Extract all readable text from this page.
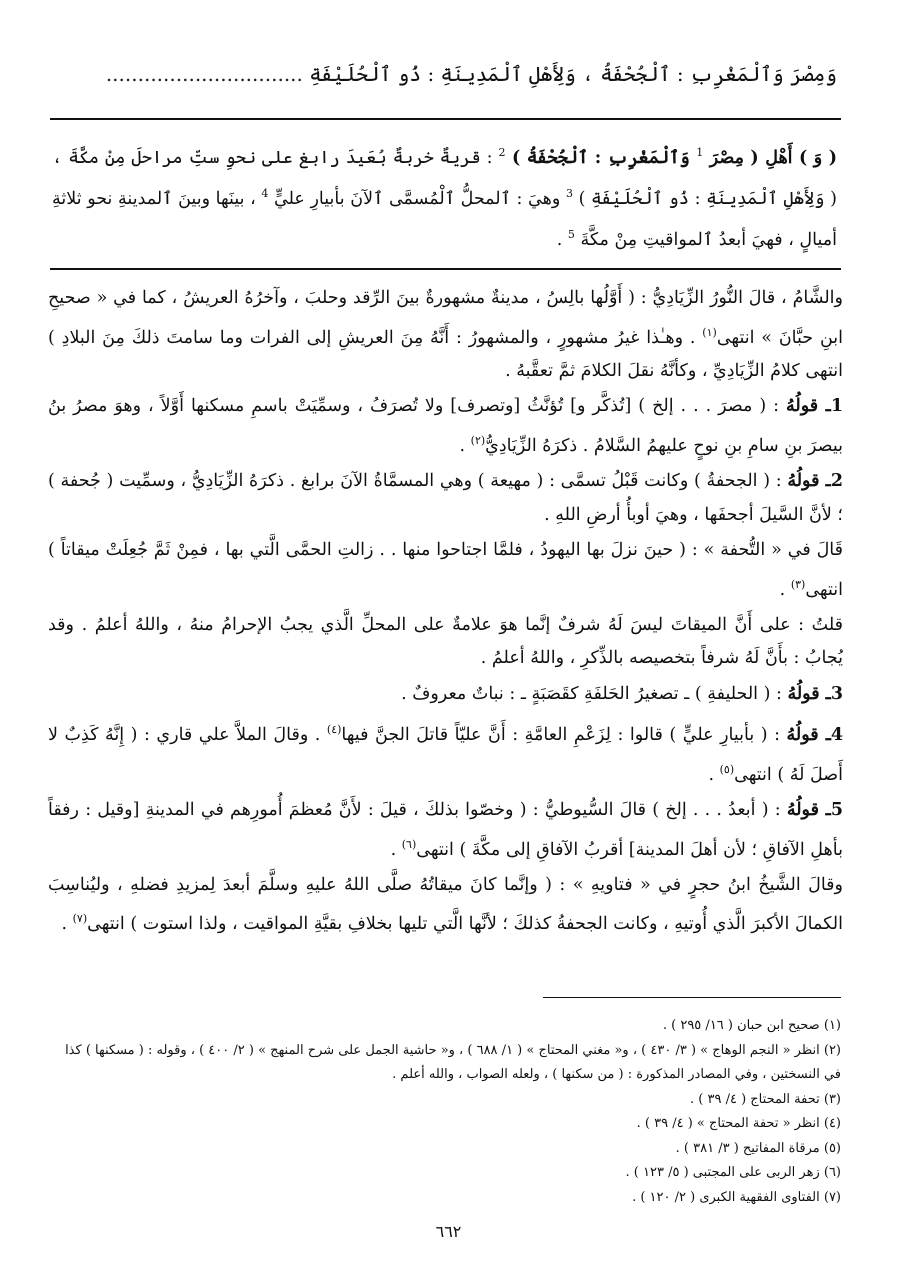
وَمِصْرَ وَٱلْمَغْرِبِ : ٱلْجُحْفَةُ ، وَلِأَهْلِ ٱلْمَدِينَةِ : ذُو ٱلْحُلَيْفَةِ ...............................

( وَ ) أَهْلِ ( مِصْرَ $^1$ وَٱلْمَغْرِبِ : ٱلْجُحْفَةُ ) $^2$ : قريةٌ خربةٌ بُعَيدَ رابغ على نحوِ ستِّ مراحلَ مِنْ مكَّةَ ، ( وَلِأَهْلِ ٱلْمَدِينَةِ : ذُو ٱلْحُلَيْفَةِ ) $^3$ وهيَ : ٱلمحلُّ ٱلْمُسمَّى ٱلآنَ بأبيارِ عليٍّ $^4$ ، بينَها وبينَ ٱلمدينةِ نحو ثلاثةِ أميالٍ ، فهيَ أبعدُ ٱلمواقيتِ مِنْ مكَّةَ $^5$ .

والشَّامُ ، قالَ النُّورُ الزِّيَادِيُّ : ( أَوَّلُها بالِسُ ، مدينةٌ مشهورةٌ بينَ الرِّقد وحلبَ ، وآخرُهُ العريشُ ، كما في « صحيحِ ابنِ حبَّانَ » انتهى$^{(١)}$ . وهـٰذا غيرُ مشهورٍ ، والمشهورُ : أَنَّهُ مِنَ العريشِ إلى الفرات وما سامتَ ذلكَ مِنَ البلادِ ) انتهى كلامُ الزِّيَادِيِّ ، وكأنَّهُ نقلَ الكلامَ ثمَّ تعقَّبهُ .

1ـ قولُهُ : ( مصرَ . . . إلخ ) [تُذكَّر و] تُؤنَّثُ [وتصرف] ولا تُصرَفُ ، وسمِّيَتْ باسمِ مسكنها أَوَّلاً ، وهوَ مصرُ بنُ بيصرَ بنِ سامِ بنِ نوحٍ عليهمُ السَّلامُ . ذكرَهُ الزِّيَادِيُّ$^{(٢)}$ .

2ـ قولُهُ : ( الجحفةُ ) وكانت قَبْلُ تسمَّى : ( مهيعة ) وهي المسمَّاةُ الآنَ برابغ . ذكرَهُ الزِّيَادِيُّ ، وسمِّيت ( جُحفة ) ؛ لأنَّ السَّيلَ أجحفَها ، وهيَ أوبأُ أرضِ اللهِ .

قَالَ في « التُّحفة » : ( حينَ نزلَ بها اليهودُ ، فلمَّا اجتاحوا منها . . زالتِ الحمَّى الَّتي بها ، فمِنْ ثَمَّ جُعِلَتْ ميقاتاً ) انتهى$^{(٣)}$ .

قلتُ : على أَنَّ الميقاتَ ليسَ لَهُ شرفٌ إنَّما هوَ علامةٌ على المحلِّ الَّذي يجبُ الإحرامُ منهُ ، واللهُ أعلمُ . وقد يُجابُ : بأَنَّ لَهُ شرفاً بتخصيصه بالذِّكرِ ، واللهُ أعلمُ .

3ـ قولُهُ : ( الحليفةِ ) ـ تصغيرُ الحَلفَةِ كقَصَبَةٍ ـ : نباتٌ معروفٌ .

4ـ قولُهُ : ( بأبيارِ عليٍّ ) قالوا : لِزَعْمِ العامَّةِ : أَنَّ عليّاً قاتلَ الجنَّ فيها$^{(٤)}$ . وقالَ الملاَّ علي قاري : ( إِنَّهُ كَذِبٌ لا أَصلَ لَهُ ) انتهى$^{(٥)}$ .

5ـ قولُهُ : ( أبعدُ . . . إلخ ) قالَ السُّيوطيُّ : ( وخصّوا بذلكَ ، قيلَ : لأَنَّ مُعظمَ أُمورِهم في المدينةِ [وقيل : رفقاً بأهلِ الآفاقِ ؛ لأن أهلَ المدينة] أقربُ الآفاقِ إلى مكَّةَ ) انتهى$^{(٦)}$ .

وقالَ الشَّيخُ ابنُ حجرٍ في « فتاويهِ » : ( وإنَّما كانَ ميقاتُهُ صلَّى اللهُ عليهِ وسلَّمَ أبعدَ لِمزيدِ فضلهِ ، وليُناسِبَ الكمالَ الأكبرَ الَّذي أُوتيهِ ، وكانت الجحفةُ كذلكَ ؛ لأنَّها الَّتي تليها بخلافِ بقيَّةِ المواقيت ، ولذا استوت ) انتهى$^{(٧)}$ .

(١) صحيح ابن حبان ( ١٦/ ٢٩٥ ) .

(٢) انظر « النجم الوهاج » ( ٣/ ٤٣٠ ) ، و« مغني المحتاج » ( ١/ ٦٨٨ ) ، و« حاشية الجمل على شرح المنهج » ( ٢/ ٤٠٠ ) ، وقوله : ( مسكنها ) كذا في النسختين ، وفي المصادر المذكورة : ( من سكنها ) ، ولعله الصواب ، والله أعلم .

(٣) تحفة المحتاج ( ٤/ ٣٩ ) .

(٤) انظر « تحفة المحتاج » ( ٤/ ٣٩ ) .

(٥) مرقاة المفاتيح ( ٣/ ٣٨١ ) .

(٦) زهر الربى على المجتبى ( ٥/ ١٢٣ ) .

(٧) الفتاوى الفقهية الكبرى ( ٢/ ١٢٠ ) .

٦٦٢
